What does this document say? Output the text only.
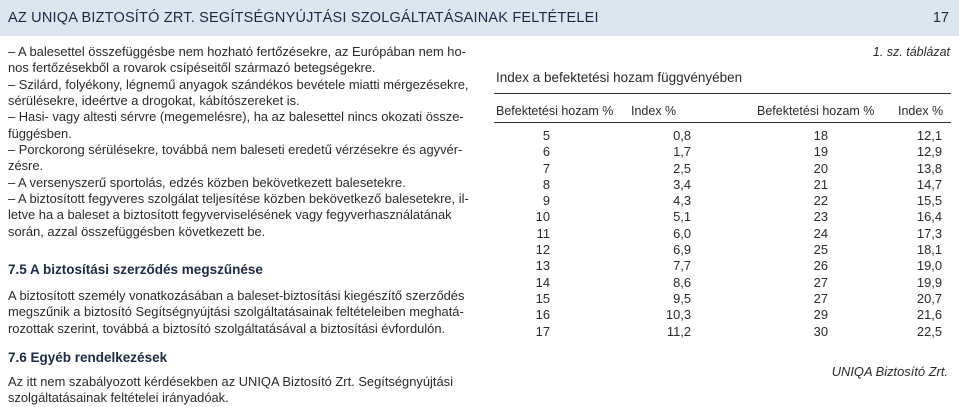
AZ UNIQA BIZTOSÍTÓ ZRT. SEGÍTSÉGNYÚJTÁSI SZOLGÁLTATÁSAINAK FELTÉTELEI	17

– A balesettel összefüggésbe nem hozható fertőzésekre, az Európában nem ho-
nos fertőzésekből a rovarok csípéseitől származó betegségekre.

– Szilárd, folyékony, légnemű anyagok szándékos bevétele miatti mérgezésekre,
sérülésekre, ideértve a drogokat, kábítószereket is.

– Hasi- vagy altesti sérvre (megemelésre), ha az balesettel nincs okozati össze-
függésben.

– Porckorong sérülésekre, továbbá nem baleseti eredetű vérzésekre és agyvér-
zésre.

– A versenyszerű sportolás, edzés közben bekövetkezett balesetekre.

– A biztosított fegyveres szolgálat teljesítése közben bekövetkező balesetekre, il-
letve ha a baleset a biztosított fegyverviselésének vagy fegyverhasználatának
során, azzal összefüggésben következett be.

7.5 A biztosítási szerződés megszűnése

A biztosított személy vonatkozásában a baleset-biztosítási kiegészítő szerződés
megszűnik a biztosító Segítségnyújtási szolgáltatásainak feltételeiben meghatá-
rozottak szerint, továbbá a biztosító szolgáltatásával a biztosítási évfordulón.

7.6 Egyéb rendelkezések

Az itt nem szabályozott kérdésekben az UNIQA Biztosító Zrt. Segítségnyújtási
szolgáltatásainak feltételei irányadóak.

1. sz. táblázat
Index a befektetési hozam függvényében
Befektetési hozam % Index %	Befektetési hozam % Index %
5	0,8	18	12,1
6	1,7	19	12,9
7	2,5	20	13,8
8	3,4	21	14,7
9	4,3	22	15,5
10	5,1	23	16,4
11	6,0	24	17,3
12	6,9	25	18,1
13	7,7	26	19,0
14	8,6	27	19,9
15	9,5	27	20,7
16	10,3	29	21,6
17	11,2	30	22,5
UNIQA Biztosító Zrt.
